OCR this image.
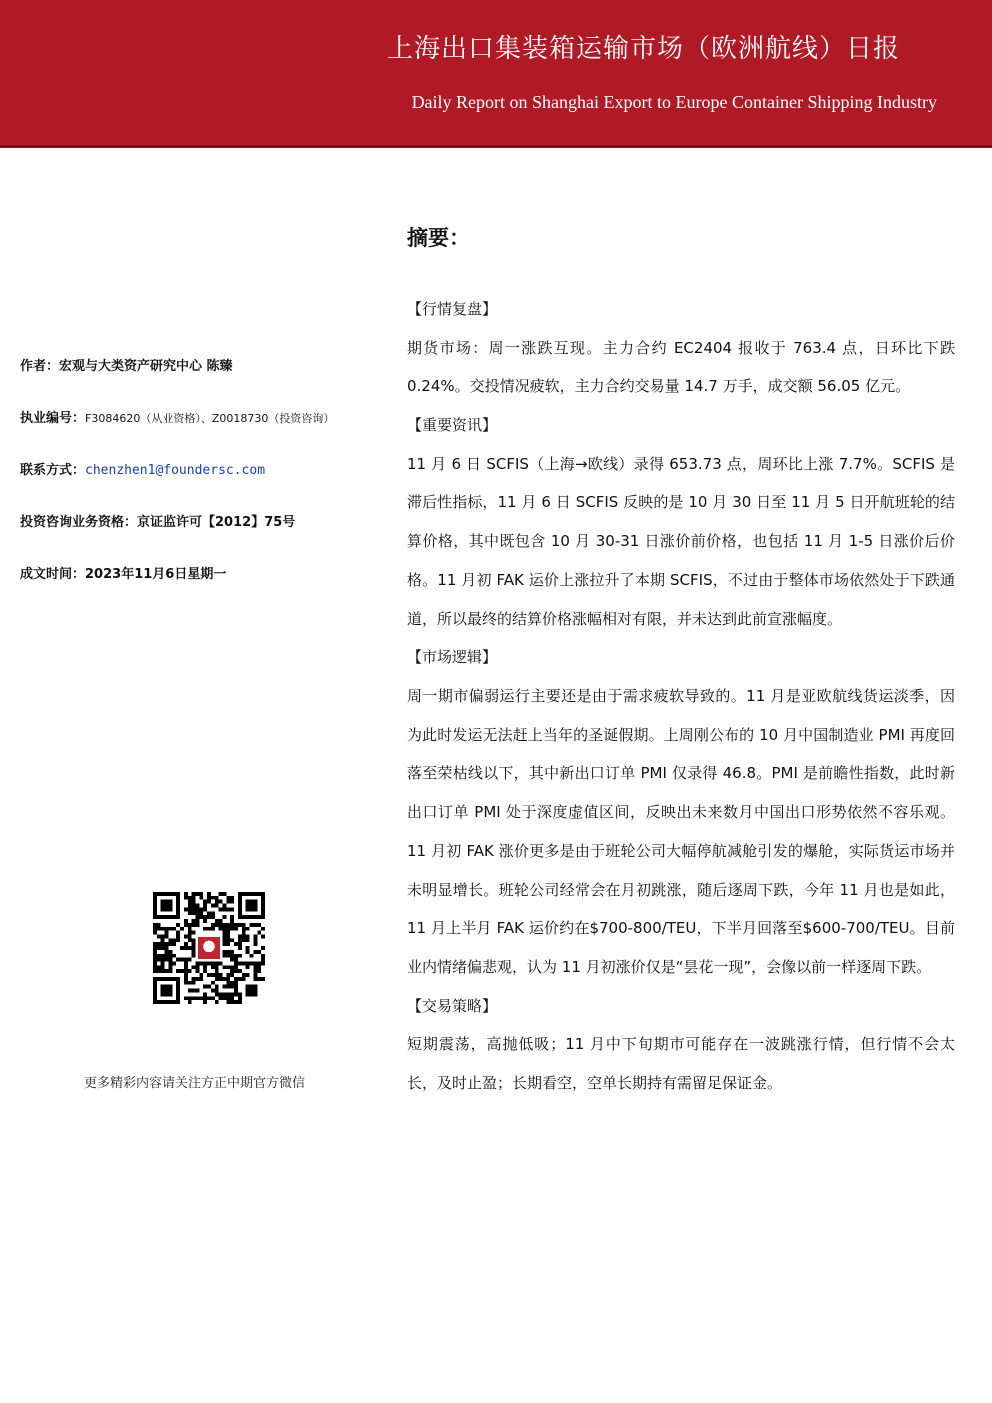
上海出口集装箱运输市场（欧洲航线）日报
Daily Report on Shanghai Export to Europe Container Shipping Industry
作者：宏观与大类资产研究中心 陈臻
执业编号：F3084620（从业资格）、Z0018730（投资咨询）
联系方式：chenzhen1@foundersc.com
投资咨询业务资格：京证监许可【2012】75号
成文时间：2023年11月6日星期一
更多精彩内容请关注方正中期官方微信
摘要：
【行情复盘】

期货市场：周一涨跌互现。主力合约 EC2404 报收于 763.4 点，日环比下跌 0.24%。交投情况疲软，主力合约交易量 14.7 万手，成交额 56.05 亿元。

【重要资讯】

11 月 6 日 SCFIS（上海→欧线）录得 653.73 点，周环比上涨 7.7%。SCFIS 是滞后性指标，11 月 6 日 SCFIS 反映的是 10 月 30 日至 11 月 5 日开航班轮的结算价格，其中既包含 10 月 30-31 日涨价前价格，也包括 11 月 1-5 日涨价后价格。11 月初 FAK 运价上涨拉升了本期 SCFIS，不过由于整体市场依然处于下跌通道，所以最终的结算价格涨幅相对有限，并未达到此前宣涨幅度。

【市场逻辑】

周一期市偏弱运行主要还是由于需求疲软导致的。11 月是亚欧航线货运淡季，因为此时发运无法赶上当年的圣诞假期。上周刚公布的 10 月中国制造业 PMI 再度回落至荣枯线以下，其中新出口订单 PMI 仅录得 46.8。PMI 是前瞻性指数，此时新出口订单 PMI 处于深度虚值区间，反映出未来数月中国出口形势依然不容乐观。11 月初 FAK 涨价更多是由于班轮公司大幅停航减舱引发的爆舱，实际货运市场并未明显增长。班轮公司经常会在月初跳涨，随后逐周下跌，今年 11 月也是如此，11 月上半月 FAK 运价约在$700-800/TEU，下半月回落至$600-700/TEU。目前业内情绪偏悲观，认为 11 月初涨价仅是“昙花一现”，会像以前一样逐周下跌。

【交易策略】

短期震荡，高抛低吸；11 月中下旬期市可能存在一波跳涨行情，但行情不会太长，及时止盈；长期看空，空单长期持有需留足保证金。
